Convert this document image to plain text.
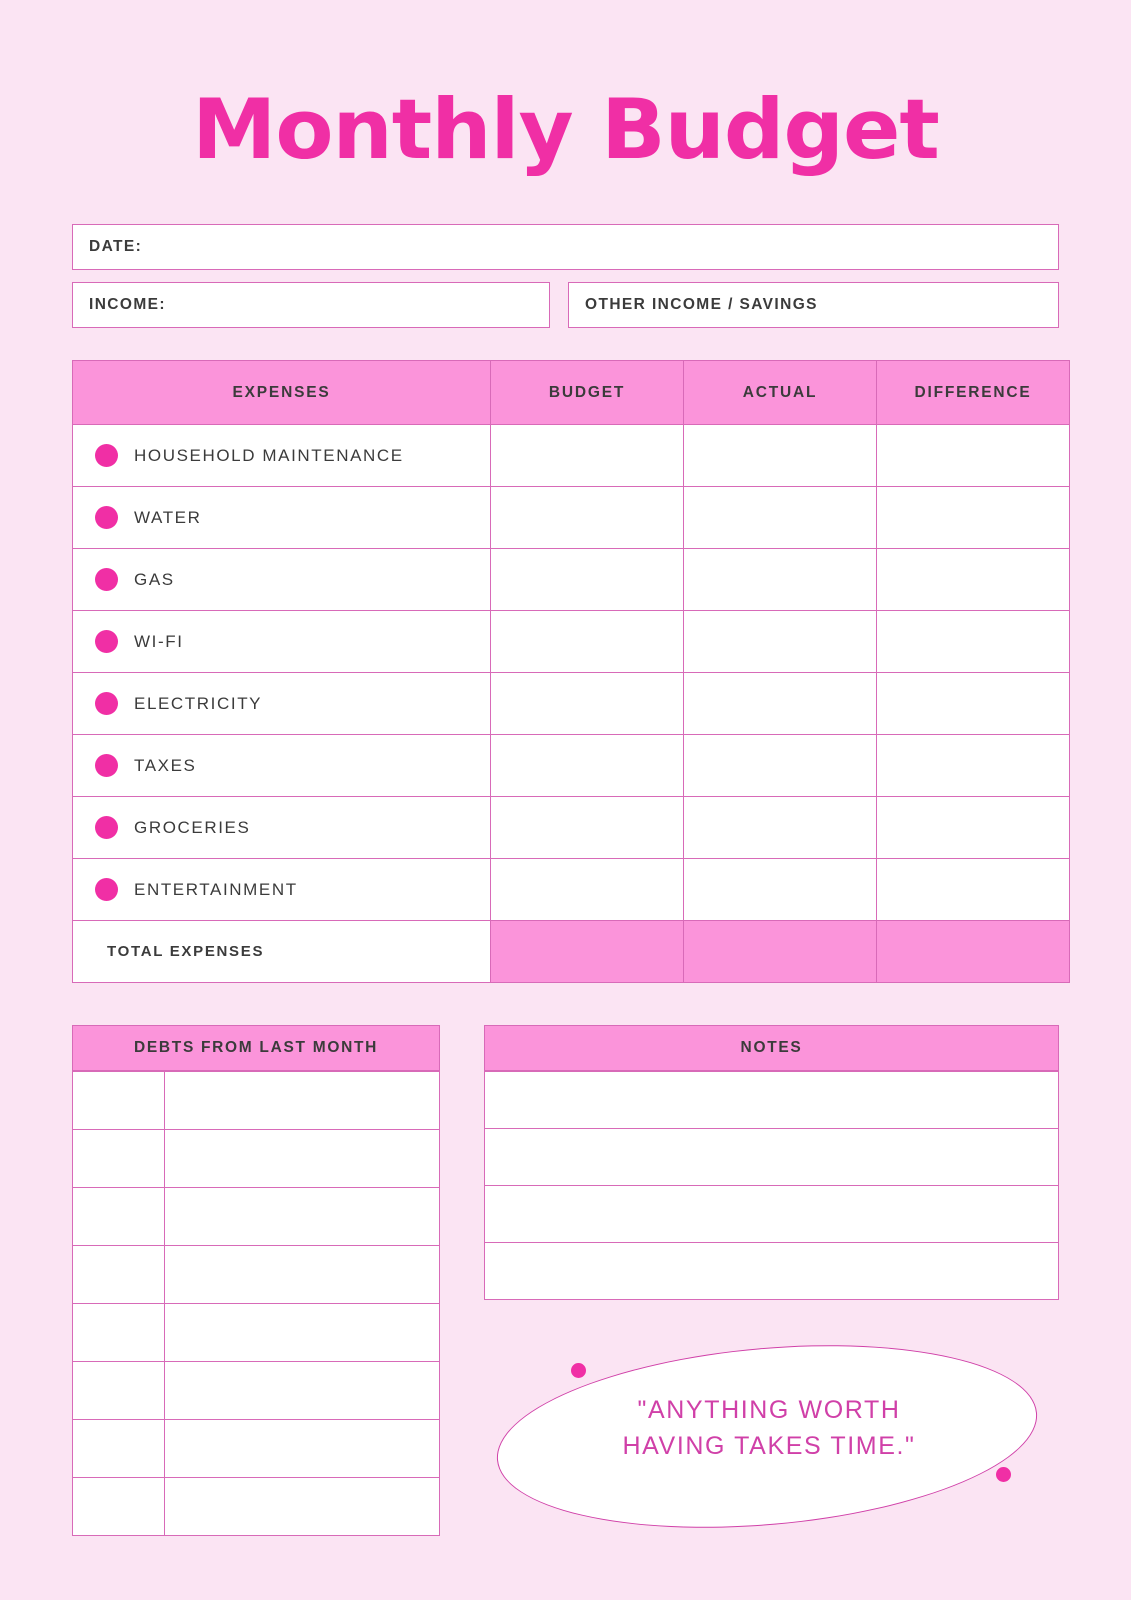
Monthly Budget
DATE:
INCOME:	OTHER INCOME / SAVINGS
EXPENSES	BUDGET	ACTUAL	DIFFERENCE

HOUSEHOLD MAINTENANCE			

WATER			

GAS			

WI-FI			

ELECTRICITY			

TAXES			

GROCERIES			

ENTERTAINMENT			

TOTAL EXPENSES			
DEBTS FROM LAST MONTH

		NOTES

"ANYTHING WORTH
HAVING TAKES TIME."
